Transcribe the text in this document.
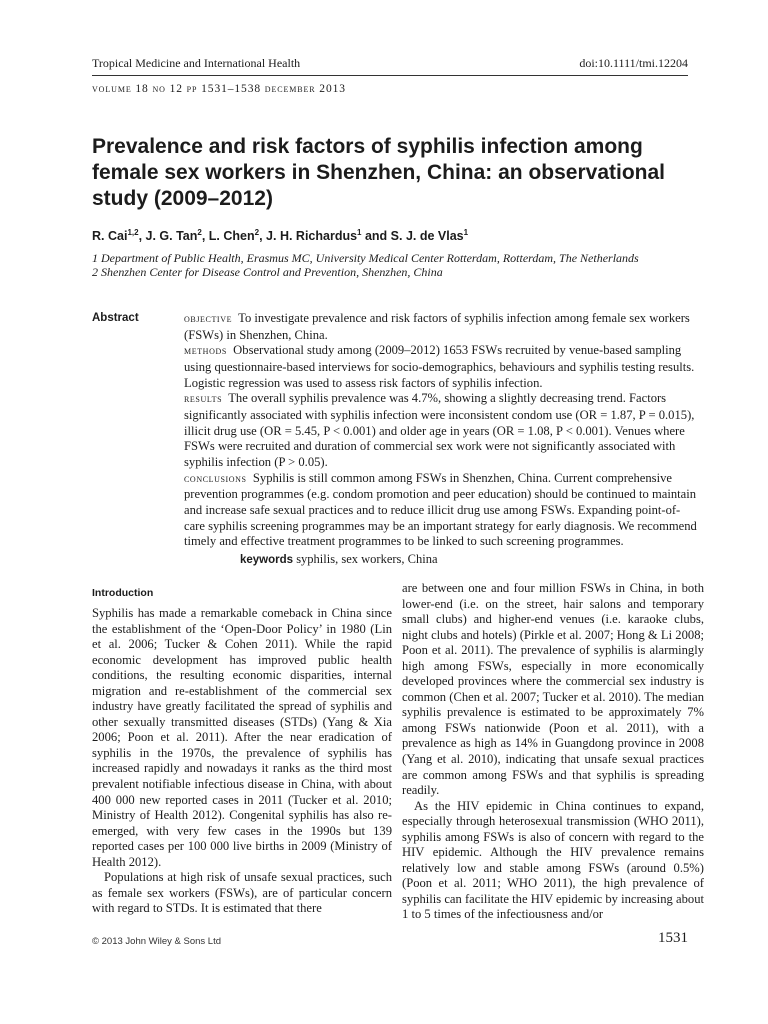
Tropical Medicine and International Health	doi:10.1111/tmi.12204
volume 18 no 12 pp 1531–1538 december 2013
Prevalence and risk factors of syphilis infection among female sex workers in Shenzhen, China: an observational study (2009–2012)
R. Cai$^{1,2}$, J. G. Tan$^2$, L. Chen$^2$, J. H. Richardus$^1$ and S. J. de Vlas$^1$
1 Department of Public Health, Erasmus MC, University Medical Center Rotterdam, Rotterdam, The Netherlands
2 Shenzhen Center for Disease Control and Prevention, Shenzhen, China
Abstract	objective To investigate prevalence and risk factors of syphilis infection among female sex workers (FSWs) in Shenzhen, China.
methods Observational study among (2009–2012) 1653 FSWs recruited by venue-based sampling using questionnaire-based interviews for socio-demographics, behaviours and syphilis testing results. Logistic regression was used to assess risk factors of syphilis infection.
results The overall syphilis prevalence was 4.7%, showing a slightly decreasing trend. Factors significantly associated with syphilis infection were inconsistent condom use (OR = 1.87, P = 0.015), illicit drug use (OR = 5.45, P < 0.001) and older age in years (OR = 1.08, P < 0.001). Venues where FSWs were recruited and duration of commercial sex work were not significantly associated with syphilis infection (P > 0.05).
conclusions Syphilis is still common among FSWs in Shenzhen, China. Current comprehensive prevention programmes (e.g. condom promotion and peer education) should be continued to maintain and increase safe sexual practices and to reduce illicit drug use among FSWs. Expanding point-of-care syphilis screening programmes may be an important strategy for early diagnosis. We recommend timely and effective treatment programmes to be linked to such screening programmes.
keywords syphilis, sex workers, China
Introduction

Syphilis has made a remarkable comeback in China since the establishment of the ‘Open-Door Policy’ in 1980 (Lin et al. 2006; Tucker & Cohen 2011). While the rapid economic development has improved public health conditions, the resulting economic disparities, internal migration and re-establishment of the commercial sex industry have greatly facilitated the spread of syphilis and other sexually transmitted diseases (STDs) (Yang & Xia 2006; Poon et al. 2011). After the near eradication of syphilis in the 1970s, the prevalence of syphilis has increased rapidly and nowadays it ranks as the third most prevalent notifiable infectious disease in China, with about 400 000 new reported cases in 2011 (Tucker et al. 2010; Ministry of Health 2012). Congenital syphilis has also re-emerged, with very few cases in the 1990s but 139 reported cases per 100 000 live births in 2009 (Ministry of Health 2012).

Populations at high risk of unsafe sexual practices, such as female sex workers (FSWs), are of particular concern with regard to STDs. It is estimated that there

are between one and four million FSWs in China, in both lower-end (i.e. on the street, hair salons and temporary small clubs) and higher-end venues (i.e. karaoke clubs, night clubs and hotels) (Pirkle et al. 2007; Hong & Li 2008; Poon et al. 2011). The prevalence of syphilis is alarmingly high among FSWs, especially in more economically developed provinces where the commercial sex industry is common (Chen et al. 2007; Tucker et al. 2010). The median syphilis prevalence is estimated to be approximately 7% among FSWs nationwide (Poon et al. 2011), with a prevalence as high as 14% in Guangdong province in 2008 (Yang et al. 2010), indicating that unsafe sexual practices are common among FSWs and that syphilis is spreading readily.

As the HIV epidemic in China continues to expand, especially through heterosexual transmission (WHO 2011), syphilis among FSWs is also of concern with regard to the HIV epidemic. Although the HIV prevalence remains relatively low and stable among FSWs (around 0.5%) (Poon et al. 2011; WHO 2011), the high prevalence of syphilis can facilitate the HIV epidemic by increasing about 1 to 5 times of the infectiousness and/or

© 2013 John Wiley & Sons Ltd	1531
